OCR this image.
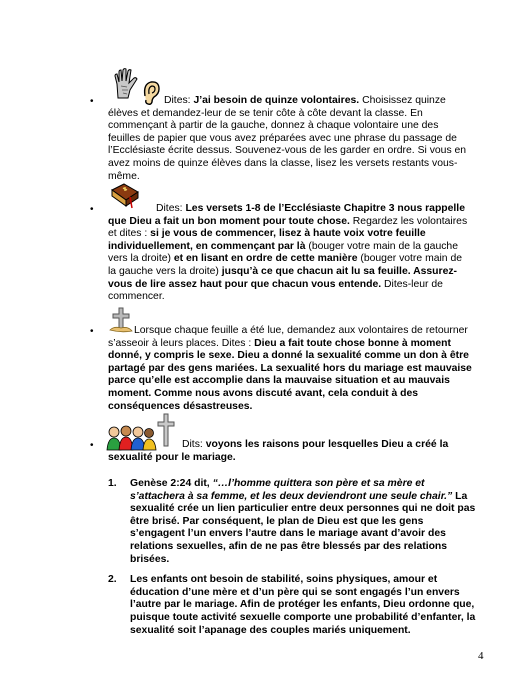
•	Dites: J’ai besoin de quinze volontaires. Choisissez quinze élèves et demandez-leur de se tenir côte à côte devant la classe. En commençant à partir de la gauche, donnez à chaque volontaire une des feuilles de papier que vous avez préparées avec une phrase du passage de l’Ecclésiaste écrite dessus. Souvenez-vous de les garder en ordre. Si vous en avez moins de quinze élèves dans la classe, lisez les versets restants vous-même.
•	Dites: Les versets 1-8 de l’Ecclésiaste Chapitre 3 nous rappelle que Dieu a fait un bon moment pour toute chose. Regardez les volontaires et dites : si je vous de commencer, lisez à haute voix votre feuille individuellement, en commençant par là (bouger votre main de la gauche vers la droite) et en lisant en ordre de cette manière (bouger votre main de la gauche vers la droite) jusqu’à ce que chacun ait lu sa feuille. Assurez-vous de lire assez haut pour que chacun vous entende. Dites-leur de commencer.
•	Lorsque chaque feuille a été lue, demandez aux volontaires de retourner s’asseoir à leurs places. Dites : Dieu a fait toute chose bonne à moment donné, y compris le sexe. Dieu a donné la sexualité comme un don à être partagé par des gens mariées. La sexualité hors du mariage est mauvaise parce qu’elle est accomplie dans la mauvaise situation et au mauvais moment. Comme nous avons discuté avant, cela conduit à des conséquences désastreuses.
•	Dits: voyons les raisons pour lesquelles Dieu a créé la sexualité pour le mariage.
1. Genèse 2:24 dit, “…l’homme quittera son père et sa mère et s’attachera à sa femme, et les deux deviendront une seule chair.” La sexualité crée un lien particulier entre deux personnes qui ne doit pas être brisé. Par conséquent, le plan de Dieu est que les gens s’engagent l’un envers l’autre dans le mariage avant d’avoir des relations sexuelles, afin de ne pas être blessés par des relations brisées.
2. Les enfants ont besoin de stabilité, soins physiques, amour et éducation d’une mère et d’un père qui se sont engagés l’un envers l’autre par le mariage. Afin de protéger les enfants, Dieu ordonne que, puisque toute activité sexuelle comporte une probabilité d’enfanter, la sexualité soit l’apanage des couples mariés uniquement.
4
